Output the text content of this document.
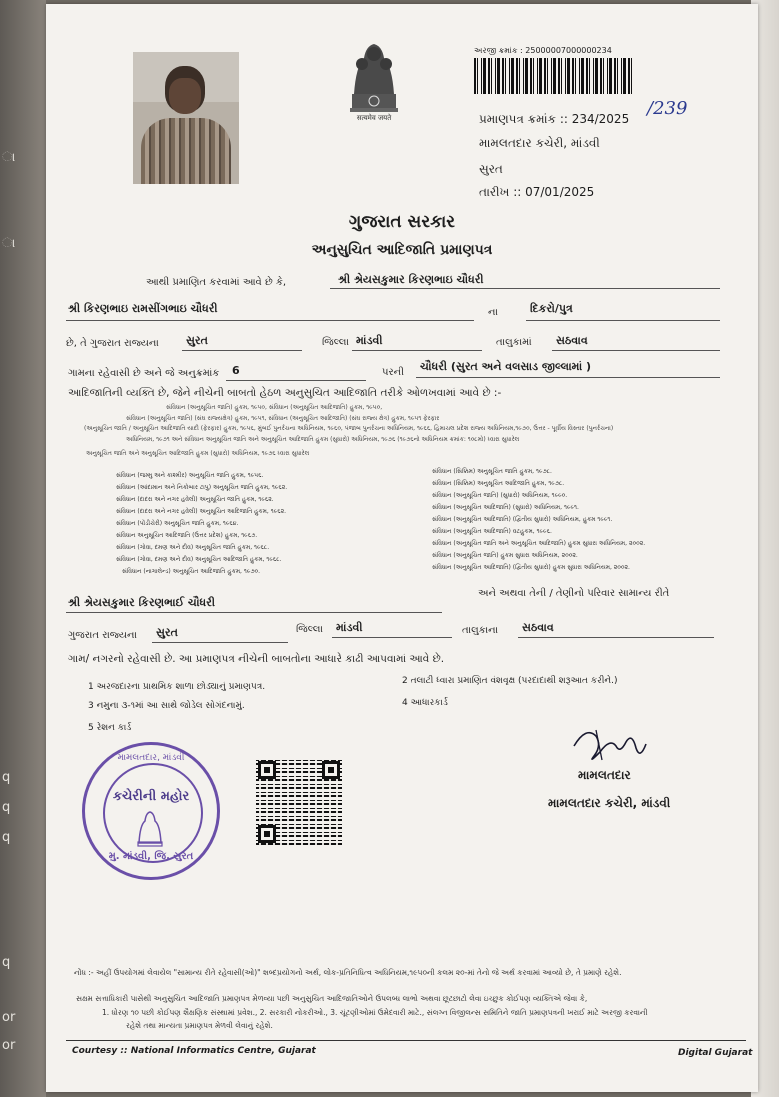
ા
ા
q
q
q
q
or
or
सत्यमेव जयते
અરજી ક્રમાંક : 25000007000000234
પ્રમાણપત્ર ક્રમાંક :: 234/2025 /239
મામલતદાર કચેરી, માંડવી
સુરત
તારીખ :: 07/01/2025
ગુજરાત સરકાર
અનુસુચિત આદિજાતિ પ્રમાણપત્ર
આથી પ્રમાણિત કરવામાં આવે છે કે,	શ્રી શ્રેયસકુમાર કિરણભાઇ ચૌધરી
શ્રી કિરણભાઇ રામસીંગભાઇ ચૌધરી	ના	દિકરો/પુત્ર
છે, તે ગુજરાત રાજ્યના સુરત	જિલ્લા માંડવી	તાલુકામાં સઠવાવ
ગામના રહેવાસી છે અને જે અનુક્રમાંક 6	પરની ચૌધરી (સુરત અને વલસાડ જીલ્લામાં )
આદિજાતિની વ્યક્તિ છે, જેને નીચેની બાબતો હેઠળ અનુસુચિત આદિજાતિ તરીકે ઓળખવામાં આવે છે :-
સંવિધાન (અનુસૂચિત જાતિ) હુકમ, ૧૯૫૦, સંવિધાન (અનુસૂચિત આદિજાતિ) હુકમ, ૧૯૫૦,
સંવિધાન (અનુસૂચિત જાતિ) (સંઘ રાજ્યક્ષેત્ર) હુકમ, ૧૯૫૧, સંવિધાન (અનુસૂચિત આદિજાતિ) (સંઘ રાજ્ય ક્ષેત્ર) હુકમ, ૧૯૫૧ ફેરફાર
(અનુસૂચિત જાતિ / અનુસૂચિત આદિજાતિ યાદી (ફેરફાર) હુકમ, ૧૯૫૬, મુંબઈ પુનર્રચના અધિનિયમ, ૧૯૬૦, પંજાબ પુનર્રચના અધિનિયમ, ૧૯૬૬, હિમાચલ પ્રદેશ રાજ્ય અધિનિયમ,૧૯૭૦, ઉત્તર - પૂર્વીય વિસ્તાર (પુનર્રચના)
અધિનિયમ, ૧૯૭૧ અને સંવિધાન અનુસૂચિત જાતિ અને અનુસૂચિત આદિજાતિ હુકમ (સુધારો) અધિનિયમ, ૧૯૭૬ (૧૯૭૬નો અધિનિયમ ક્રમાંક: ૧૦૮મો) ધ્વારા સુધારેલ
અનુસૂચિત જાતિ અને અનુસૂચિત આદિજાતિ હુકમ (સુધારો) અધિનિયમ, ૧૯૭૬ ધ્વારા સુધારેલ
સંવિધાન (જમ્મુ અને કાશ્મીર) અનુસૂચિત જાતિ હુકમ, ૧૯૫૬.
સંવિધાન (આંદામાન અને નિકોબાર ટાપુ) અનુસૂચિત જાતિ હુકમ, ૧૯૬૨.
સંવિધાન (દાદરા અને નગર હવેલી) અનુસૂચિત જાતિ હુકમ, ૧૯૬૨.
સંવિધાન (દાદરા અને નગર હવેલી) અનુસૂચિત આદિજાતિ હુકમ, ૧૯૬૨.
સંવિધાન (પોંડીચેરી) અનુસૂચિત જાતિ હુકમ, ૧૯૬૪.
સંવિધાન અનુસૂચિત આદિજાતિ (ઉત્તર પ્રદેશ) હુકમ, ૧૯૬૭.
સંવિધાન (ગોવા, દમણ અને દીવ) અનુસૂચિત જાતિ હુકમ, ૧૯૬૮.
સંવિધાન (ગોવા, દમણ અને દીવ) અનુસૂચિત આદિજાતિ હુકમ, ૧૯૬૮.
સંવિધાન (નાગાલેન્ડ) અનુસૂચિત આદિજાતિ હુકમ, ૧૯૭૦.
સંવિધાન (સિક્કિમ) અનુસૂચિત જાતિ હુકમ, ૧૯૭૮.
સંવિધાન (સિક્કિમ) અનુસૂચિત આદિજાતિ હુકમ, ૧૯૭૮.
સંવિધાન (અનુસૂચિત જાતિ) (સુધારો) અધિનિયમ, ૧૯૯૦.
સંવિધાન (અનુસૂચિત આદિજાતિ) (સુધારો) અધિનિયમ, ૧૯૯૧.
સંવિધાન (અનુસૂચિત આદિજાતિ) (દ્વિતીય સુધારો) અધિનિયમ, હુકમ ૧૯૯૧.
સંવિધાન (અનુસૂચિત આદિજાતિ) વટહુકમ, ૧૯૯૬.
સંવિધાન (અનુસૂચિત જાતિ અને અનુસૂચિત આદિજાતિ) હુકમ સુધારા અધિનિયમ, ૨૦૦૨.
સંવિધાન (અનુસૂચિત જાતિ) હુકમ સુધારા અધિનિયમ, ૨૦૦૨.
સંવિધાન (અનુસૂચિત આદિજાતિ) (દ્વિતીય સુધારો) હુકમ સુધારા અધિનિયમ, ૨૦૦૨.
શ્રી શ્રેયસકુમાર કિરણભાઈ ચૌધરી
અને અથવા તેની / તેણીનો પરિવાર સામાન્ય રીતે
ગુજરાત રાજ્યના સુરત	જિલ્લા માંડવી	તાલુકાના સઠવાવ
ગામ/ નગરનો રહેવાસી છે. આ પ્રમાણપત્ર નીચેની બાબતોના આધારે કાઢી આપવામાં આવે છે.
1 અરજદારના પ્રાથમિક શાળા છોડ્યાનું પ્રમાણપત્ર.
2 તલાટી ધ્વારા પ્રમાણિત વંશવૃક્ષ (પરદાદાથી શરૂઆત કરીને.)
3 નમુના ૩-૧માં આ સાથે જોડેલ સોગંદનામું.	4 આધારકાર્ડ
5 રેશન કાર્ડ
મામલતદાર, માંડવી
કચેરીની મહોર
મુ. માંડવી, જિ. સુરત
મામલતદાર
મામલતદાર કચેરી, માંડવી
નોંધ :- અહીં ઉપયોગમાં લેવાયેલ "સામાન્ય રીતે રહેવાસી(ઓ)" શબ્દપ્રયોગનો અર્થ, લોક-પ્રતિનિધિત્વ અધિનિયમ,૧૯૫૦ની કલમ ૨૦-માં તેનો જે અર્થ કરવામાં આવ્યો છે, તે પ્રમાણે રહેશે.
સક્ષમ સત્તાધિકારી પાસેથી અનુસુચિત આદિજાતિ પ્રમાણપત્ર મેળવ્યા પછી અનુસુચિત આદિજાતિઓને ઉપલબ્ધ લાભો અથવા છૂટછાટો લેવા ઇચ્છુક કોઈપણ વ્યક્તિએ જેવા કે,
1. ધોરણ ૧૦ પછી કોઈપણ શૈક્ષણિક સંસ્થામાં પ્રવેશ., 2. સરકારી નોકરીઓ., 3. ચૂંટણીઓમાં ઉમેદવારી માટે., સંલગ્ન વિજીલન્સ સમિતિને જાતિ પ્રમાણપત્રની ખરાઈ માટે અરજી કરવાની
રહેશે તથા માન્યતા પ્રમાણપત્ર મેળવી લેવાનું રહેશે.
Courtesy :: National Informatics Centre, Gujarat	Digital Gujarat
